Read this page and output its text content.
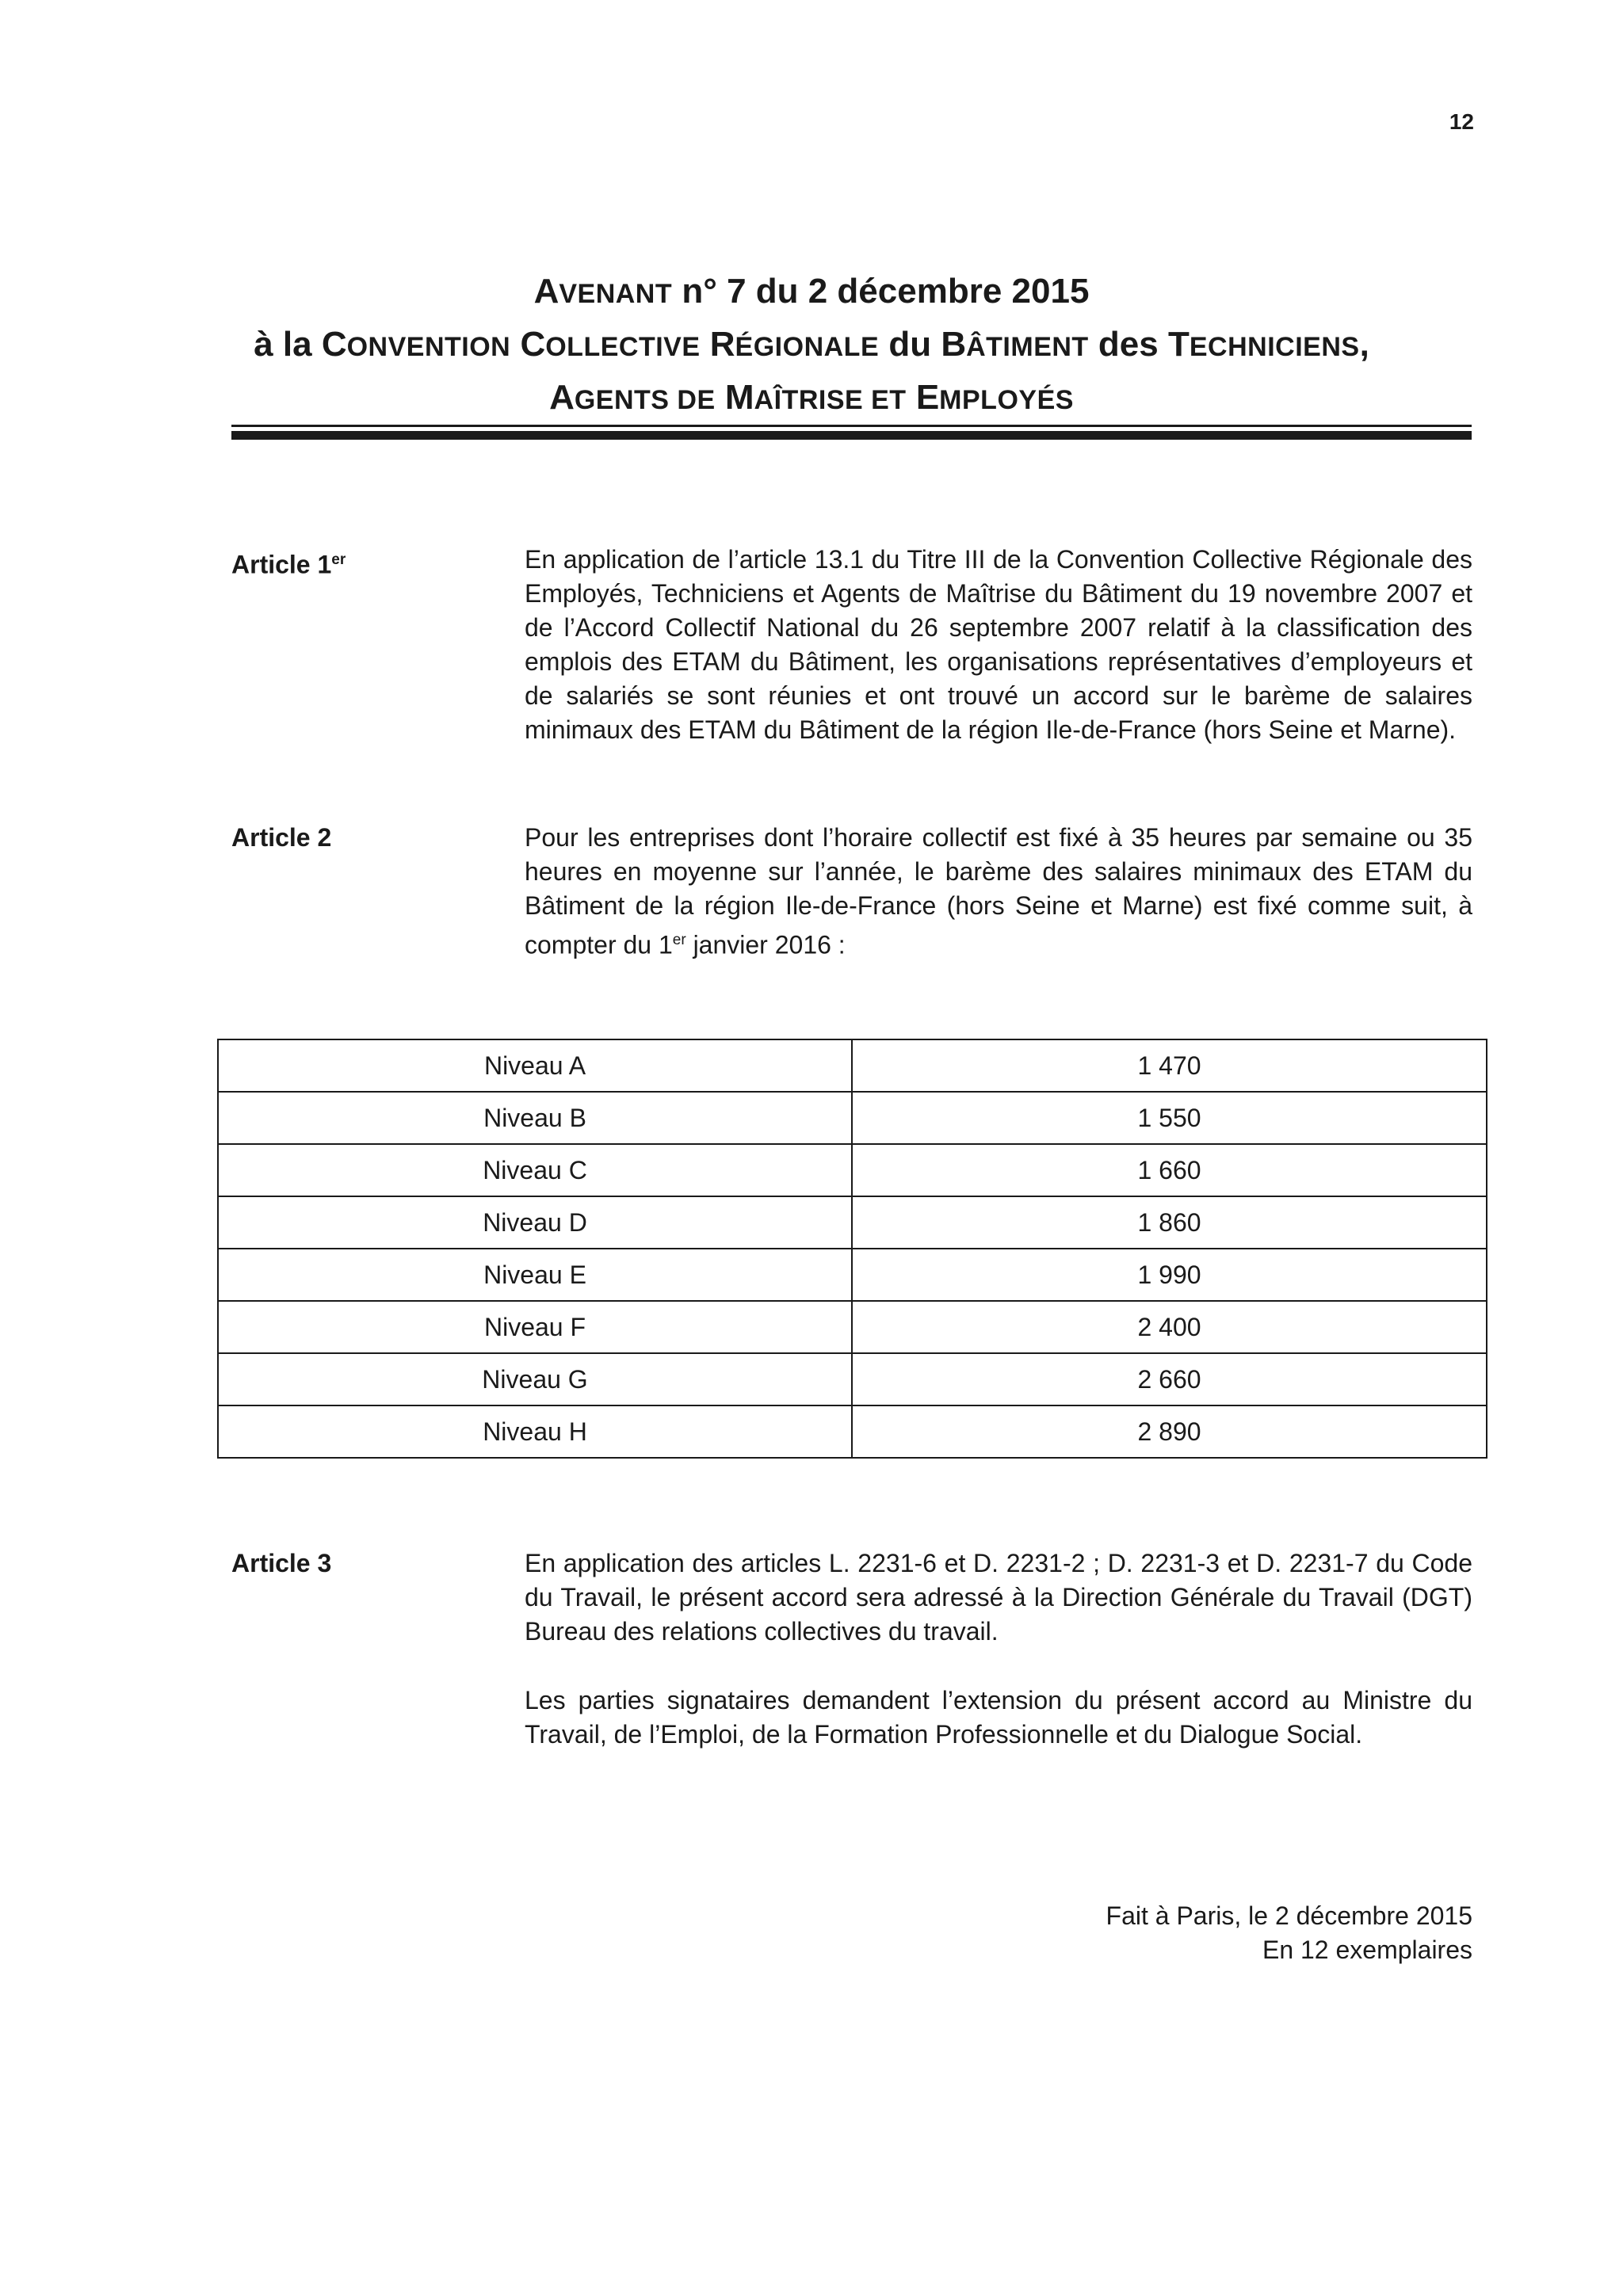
12
AVENANT n° 7 du 2 décembre 2015
à la CONVENTION COLLECTIVE RÉGIONALE du BÂTIMENT des TECHNICIENS,
AGENTS DE MAÎTRISE ET EMPLOYÉS
Article 1er	En application de l’article 13.1 du Titre III de la Convention Collective Régionale des Employés, Techniciens et Agents de Maîtrise du Bâtiment du 19 novembre 2007 et de l’Accord Collectif National du 26 septembre 2007 relatif à la classification des emplois des ETAM du Bâtiment, les organisations représentatives d’employeurs et de salariés se sont réunies et ont trouvé un accord sur le barème de salaires minimaux des ETAM du Bâtiment de la région Ile-de-France (hors Seine et Marne).

Article 2	Pour les entreprises dont l’horaire collectif est fixé à 35 heures par semaine ou 35 heures en moyenne sur l’année, le barème des salaires minimaux des ETAM du Bâtiment de la région Ile-de-France (hors Seine et Marne) est fixé comme suit, à compter du 1er janvier 2016 :

Niveau A	1 470
Niveau B	1 550
Niveau C	1 660
Niveau D	1 860
Niveau E	1 990
Niveau F	2 400
Niveau G	2 660
Niveau H	2 890
Article 3	En application des articles L. 2231-6 et D. 2231-2 ; D. 2231-3 et D. 2231-7 du Code du Travail, le présent accord sera adressé à la Direction Générale du Travail (DGT) Bureau des relations collectives du travail.

Les parties signataires demandent l’extension du présent accord au Ministre du Travail, de l’Emploi, de la Formation Professionnelle et du Dialogue Social.

Fait à Paris, le 2 décembre 2015
En 12 exemplaires
